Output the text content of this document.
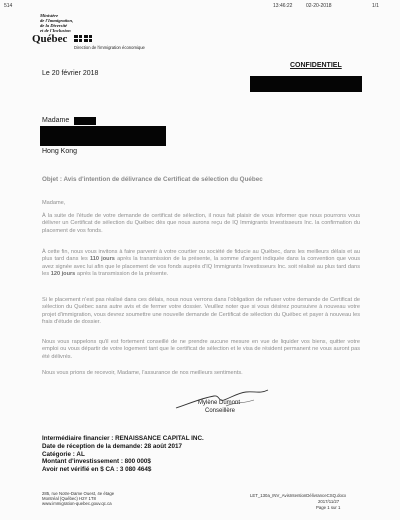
514	13:46:22	02-20-2018	1/1
Ministère
de l'Immigration,
de la Diversité
et de l'Inclusion
Québec
Direction de l'immigration économique
Le 20 février 2018
CONFIDENTIEL
Madame
Hong Kong
Objet : Avis d'intention de délivrance de Certificat de sélection du Québec
Madame,
À la suite de l'étude de votre demande de certificat de sélection, il nous fait plaisir de vous informer que nous pourrons vous délivrer un Certificat de sélection du Québec dès que nous aurons reçu de IQ Immigrants Investisseurs Inc. la confirmation du placement de vos fonds.
À cette fin, nous vous invitons à faire parvenir à votre courtier ou société de fiducie au Québec, dans les meilleurs délais et au plus tard dans les 110 jours après la transmission de la présente, la somme d'argent indiquée dans la convention que vous avez signée avec lui afin que le placement de vos fonds auprès d'IQ Immigrants Investisseurs Inc. soit réalisé au plus tard dans les 120 jours après la transmission de la présente.
Si le placement n'est pas réalisé dans ces délais, nous nous verrons dans l'obligation de refuser votre demande de Certificat de sélection du Québec sans autre avis et de fermer votre dossier. Veuillez noter que si vous désirez poursuivre à nouveau votre projet d'immigration, vous devrez soumettre une nouvelle demande de Certificat de sélection du Québec et payer à nouveau les frais d'étude de dossier.
Nous vous rappelons qu'il est fortement conseillé de ne prendre aucune mesure en vue de liquider vos biens, quitter votre emploi ou vous départir de votre logement tant que le certificat de sélection et le visa de résident permanent ne vous auront pas été délivrés.
Nous vous prions de recevoir, Madame, l'assurance de nos meilleurs sentiments.
Mylène Dumont
Conseillère
Intermédiaire financier : RENAISSANCE CAPITAL INC.
Date de réception de la demande: 28 août 2017
Catégorie : AL
Montant d'investissement : 800 000$
Avoir net vérifié en $ CA : 3 080 464$
285, rue Notre-Dame Ouest, 4e étage
Montréal (Québec) H2Y 1T8
www.immigration-quebec.gouv.qc.ca
LET_130a_INV_AvisIntentionDélivranceCSQ.docx
2017/11/27
Page 1 sur 1
